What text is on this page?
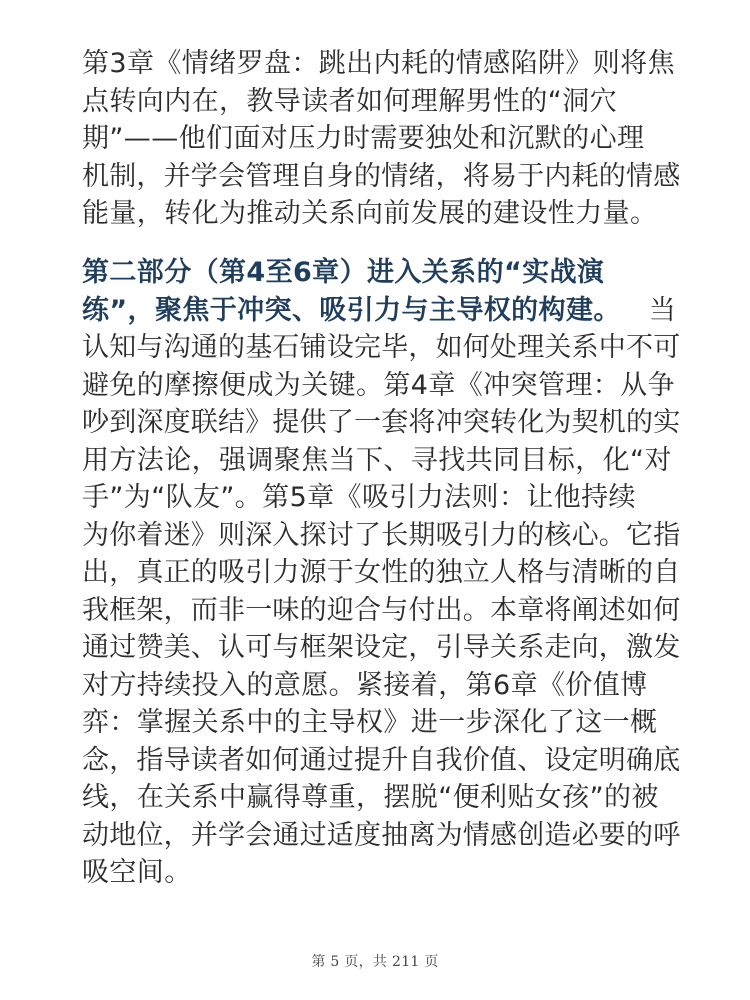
第3章《情绪罗盘：跳出内耗的情感陷阱》则将焦
点转向内在，教导读者如何理解男性的“洞穴
期”——他们面对压力时需要独处和沉默的心理
机制，并学会管理自身的情绪，将易于内耗的情感
能量，转化为推动关系向前发展的建设性力量。
第二部分（第4至6章）进入关系的“实战演
练”，聚焦于冲突、吸引力与主导权的构建。 当
认知与沟通的基石铺设完毕，如何处理关系中不可
避免的摩擦便成为关键。第4章《冲突管理：从争
吵到深度联结》提供了一套将冲突转化为契机的实
用方法论，强调聚焦当下、寻找共同目标，化“对
手”为“队友”。第5章《吸引力法则：让他持续
为你着迷》则深入探讨了长期吸引力的核心。它指
出，真正的吸引力源于女性的独立人格与清晰的自
我框架，而非一味的迎合与付出。本章将阐述如何
通过赞美、认可与框架设定，引导关系走向，激发
对方持续投入的意愿。紧接着，第6章《价值博
弈：掌握关系中的主导权》进一步深化了这一概
念，指导读者如何通过提升自我价值、设定明确底
线，在关系中赢得尊重，摆脱“便利贴女孩”的被
动地位，并学会通过适度抽离为情感创造必要的呼
吸空间。
第 5 页，共 211 页
